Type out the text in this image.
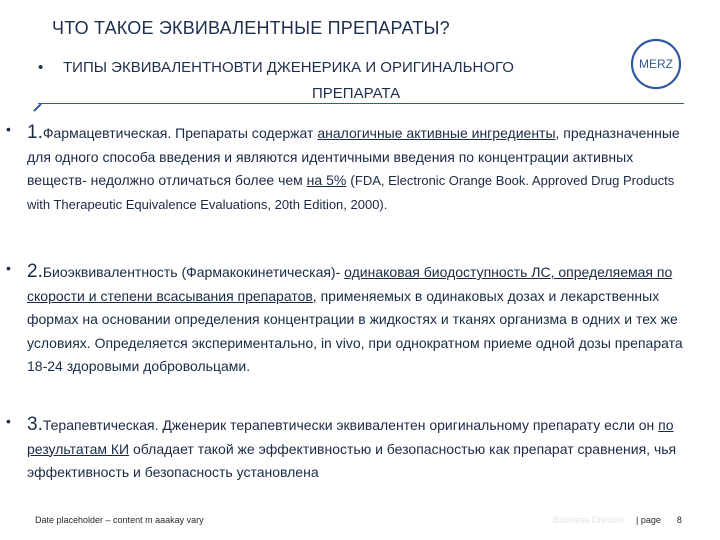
ЧТО ТАКОЕ ЭКВИВАЛЕНТНЫЕ ПРЕПАРАТЫ?
• ТИПЫ ЭКВИВАЛЕНТНОВТИ ДЖЕНЕРИКА И ОРИГИНАЛЬНОГО
ПРЕПАРАТА
MERZ
• 1.Фармацевтическая. Препараты содержат аналогичные активные ингредиенты, предназначенные для одного способа введения и являются идентичными введения по концентрации активных веществ- недолжно отличаться более чем на 5% (FDA, Electronic Orange Book. Approved Drug Products with Therapeutic Equivalence Evaluations, 20th Edition, 2000).
• 2.Биоэквивалентность (Фармакокинетическая)- одинаковая биодоступность ЛС, определяемая по скорости и степени всасывания препаратов, применяемых в одинаковых дозах и лекарственных формах на основании определения концентрации в жидкостях и тканях организма в одних и тех же условиях. Определяется экспериментально, in vivo, при однократном приеме одной дозы препарата 18-24 здоровыми добровольцами.
• 3.Терапевтическая. Дженерик терапевтически эквивалентен оригинальному препарату если он по результатам КИ обладает такой же эффективностью и безопасностью как препарат сравнения, чья эффективность и безопасность установлена
Date placeholder – content m aaakay vary	Business Division | page 8
